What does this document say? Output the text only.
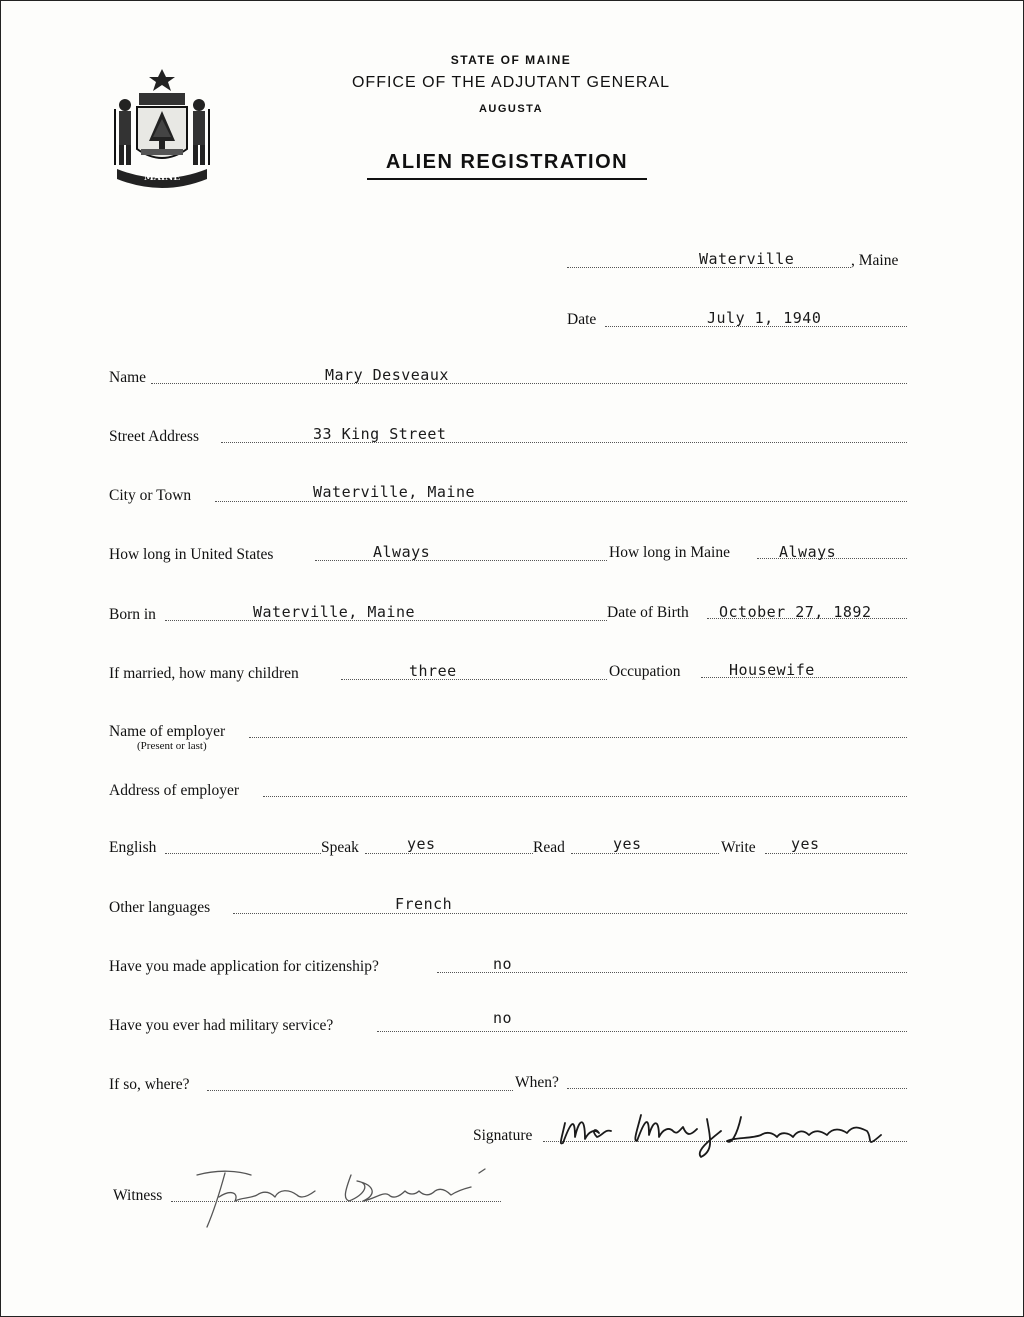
MAINE
STATE OF MAINE
OFFICE OF THE ADJUTANT GENERAL
AUGUSTA
ALIEN REGISTRATION
Waterville	, Maine
Date	July 1, 1940
Name	Mary Desveaux
Street Address	33 King Street
City or Town	Waterville, Maine
How long in United States	Always	How long in Maine	Always
Born in	Waterville, Maine	Date of Birth October 27, 1892
If married, how many children	three	Occupation	Housewife
Name of employer
(Present or last)
Address of employer
English	Speak	yes	Read	yes	Write yes
Other languages	French
Have you made application for citizenship?	no
Have you ever had military service?	no
If so, where?	When?
Signature
Witness
